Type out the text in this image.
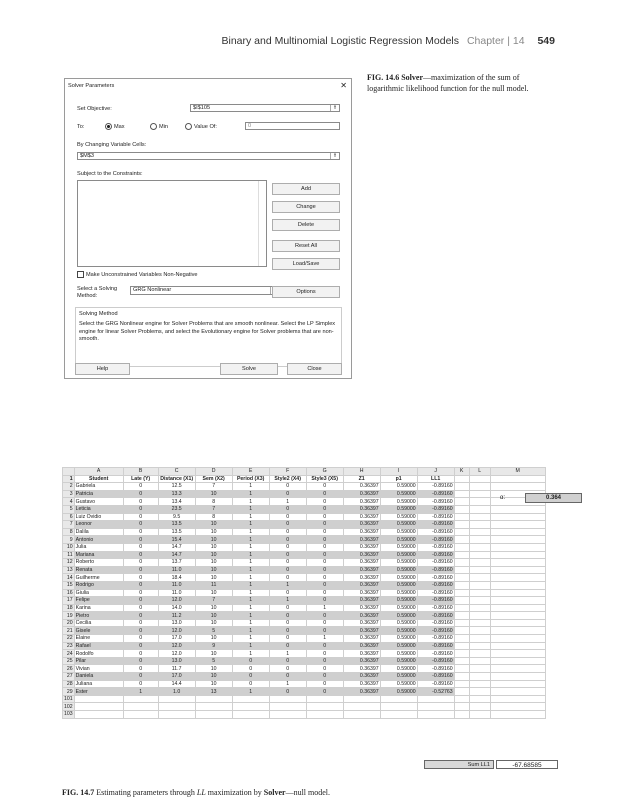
Binary and Multinomial Logistic Regression Models Chapter | 14 549
FIG. 14.6 Solver—maximization of the sum of logarithmic likelihood function for the null model.
Solver Parameters	✕
Set Objective:	$I$105	⇑
To:	Max	Min	Value Of:	0
By Changing Variable Cells:
$M$3	⇑
Subject to the Constraints:
Add
Change
Delete
Reset All
Load/Save
Make Unconstrained Variables Non-Negative
Select a Solving Method:
GRG Nonlinear	Options
Solving Method
Select the GRG Nonlinear engine for Solver Problems that are smooth nonlinear. Select the LP Simplex engine for linear Solver Problems, and select the Evolutionary engine for Solver problems that are non-smooth.
Help	Solve	Close
	A	B	C	D	E	F	G	H	I	J	K	L	M
1	Student	Late (Y)	Distance (X1)	Sem (X2)	Period (X3)	Style2 (X4)	Style3 (X5)	Z1	p1	LL1			
2	Gabriela	0	12.5	7	1	0	0	0.36397	0.59000	-0.89160			
3	Patricia	0	13.3	10	1	0	0	0.36397	0.59000	-0.89160			
4	Gustavo	0	13.4	8	1	1	0	0.36397	0.59000	-0.89160			
5	Leticia	0	23.5	7	1	0	0	0.36397	0.59000	-0.89160			
6	Luiz Ovidio	0	9.5	8	1	0	0	0.36397	0.59000	-0.89160			
7	Leonor	0	13.5	10	1	0	0	0.36397	0.59000	-0.89160			
8	Dalila	0	13.5	10	1	0	0	0.36397	0.59000	-0.89160			
9	Antonio	0	15.4	10	1	0	0	0.36397	0.59000	-0.89160			
10	Julia	0	14.7	10	1	0	0	0.36397	0.59000	-0.89160			
11	Mariana	0	14.7	10	1	0	0	0.36397	0.59000	-0.89160			
12	Roberto	0	13.7	10	1	0	0	0.36397	0.59000	-0.89160			
13	Renata	0	11.0	10	1	0	0	0.36397	0.59000	-0.89160			
14	Guilherme	0	18.4	10	1	0	0	0.36397	0.59000	-0.89160			
15	Rodrigo	0	11.0	11	1	1	0	0.36397	0.59000	-0.89160			
16	Giulia	0	11.0	10	1	0	0	0.36397	0.59000	-0.89160			
17	Felipe	0	12.0	7	1	1	0	0.36397	0.59000	-0.89160			
18	Karina	0	14.0	10	1	0	1	0.36397	0.59000	-0.89160			
19	Pietro	0	11.2	10	1	0	0	0.36397	0.59000	-0.89160			
20	Cecilia	0	13.0	10	1	0	0	0.36397	0.59000	-0.89160			
21	Gisele	0	12.0	5	1	0	0	0.36397	0.59000	-0.89160			
22	Elaine	0	17.0	10	1	0	1	0.36397	0.59000	-0.89160			
23	Rafael	0	12.0	9	1	0	0	0.36397	0.59000	-0.89160			
24	Rodolfo	0	12.0	10	1	1	0	0.36397	0.59000	-0.89160			
25	Pilar	0	13.0	5	0	0	0	0.36397	0.59000	-0.89160			
26	Vivian	0	11.7	10	0	0	0	0.36397	0.59000	-0.89160			
27	Daniela	0	17.0	10	0	0	0	0.36397	0.59000	-0.89160			
28	Juliana	0	14.4	10	0	1	0	0.36397	0.59000	-0.89160			
29	Ester	1	1.0	13	1	0	0	0.36397	0.59000	-0.52763			
101													
102													
103													
α:	0.364
Sum LL1	-67.68585
FIG. 14.7 Estimating parameters through LL maximization by Solver—null model.
